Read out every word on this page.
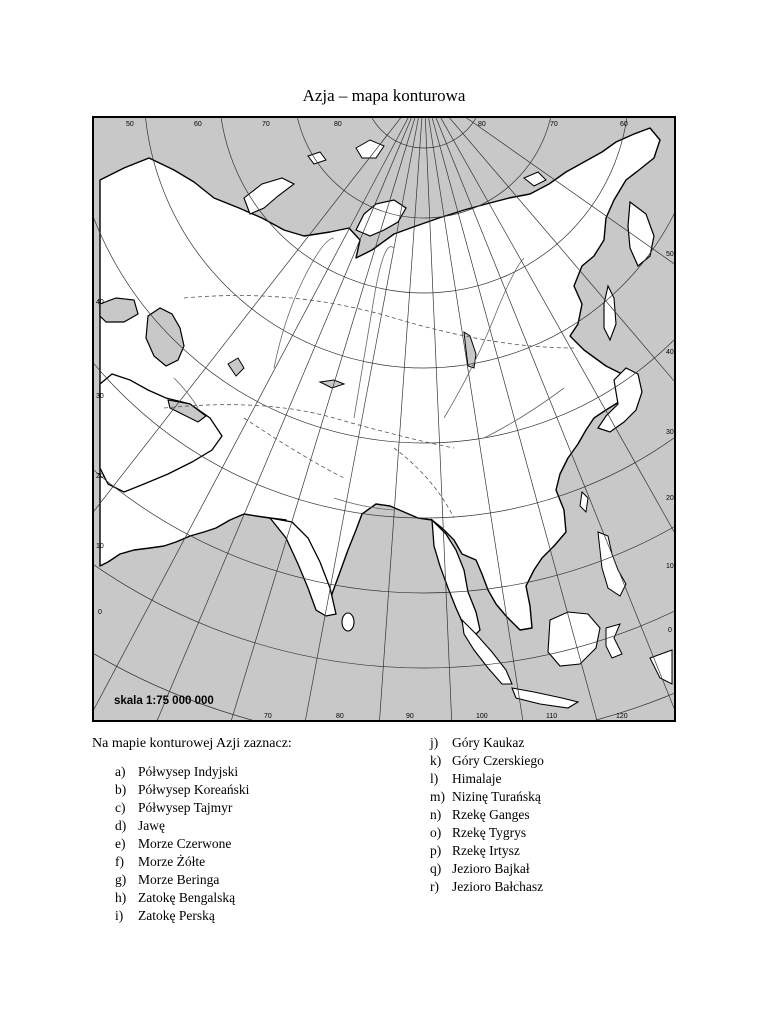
Azja – mapa konturowa
skala 1:75 000 000
50	60	70	80	80	70	60
40
30
20
10
0
50
40
30
20
10
0
70	80	90	100	110	120
Na mapie konturowej Azji zaznacz:
a) Półwysep Indyjski
b) Półwysep Koreański
c) Półwysep Tajmyr
d) Jawę
e) Morze Czerwone
f) Morze Żółte
g) Morze Beringa
h) Zatokę Bengalską
i) Zatokę Perską
j) Góry Kaukaz
k) Góry Czerskiego
l) Himalaje
m) Nizinę Turańską
n) Rzekę Ganges
o) Rzekę Tygrys
p) Rzekę Irtysz
q) Jezioro Bajkał
r) Jezioro Bałchasz
